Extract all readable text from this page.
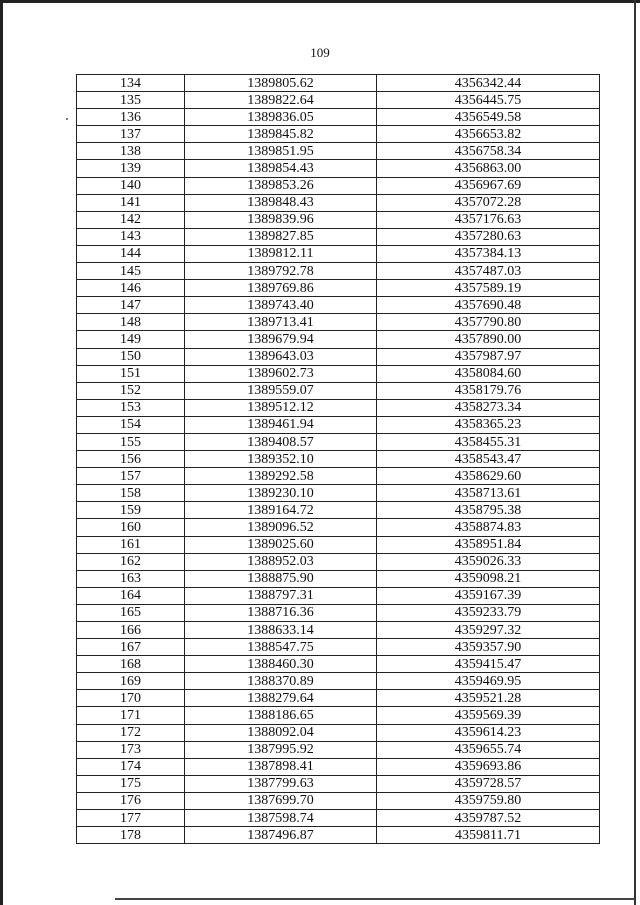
109
134	1389805.62	4356342.44
135	1389822.64	4356445.75
136	1389836.05	4356549.58
137	1389845.82	4356653.82
138	1389851.95	4356758.34
139	1389854.43	4356863.00
140	1389853.26	4356967.69
141	1389848.43	4357072.28
142	1389839.96	4357176.63
143	1389827.85	4357280.63
144	1389812.11	4357384.13
145	1389792.78	4357487.03
146	1389769.86	4357589.19
147	1389743.40	4357690.48
148	1389713.41	4357790.80
149	1389679.94	4357890.00
150	1389643.03	4357987.97
151	1389602.73	4358084.60
152	1389559.07	4358179.76
153	1389512.12	4358273.34
154	1389461.94	4358365.23
155	1389408.57	4358455.31
156	1389352.10	4358543.47
157	1389292.58	4358629.60
158	1389230.10	4358713.61
159	1389164.72	4358795.38
160	1389096.52	4358874.83
161	1389025.60	4358951.84
162	1388952.03	4359026.33
163	1388875.90	4359098.21
164	1388797.31	4359167.39
165	1388716.36	4359233.79
166	1388633.14	4359297.32
167	1388547.75	4359357.90
168	1388460.30	4359415.47
169	1388370.89	4359469.95
170	1388279.64	4359521.28
171	1388186.65	4359569.39
172	1388092.04	4359614.23
173	1387995.92	4359655.74
174	1387898.41	4359693.86
175	1387799.63	4359728.57
176	1387699.70	4359759.80
177	1387598.74	4359787.52
178	1387496.87	4359811.71
